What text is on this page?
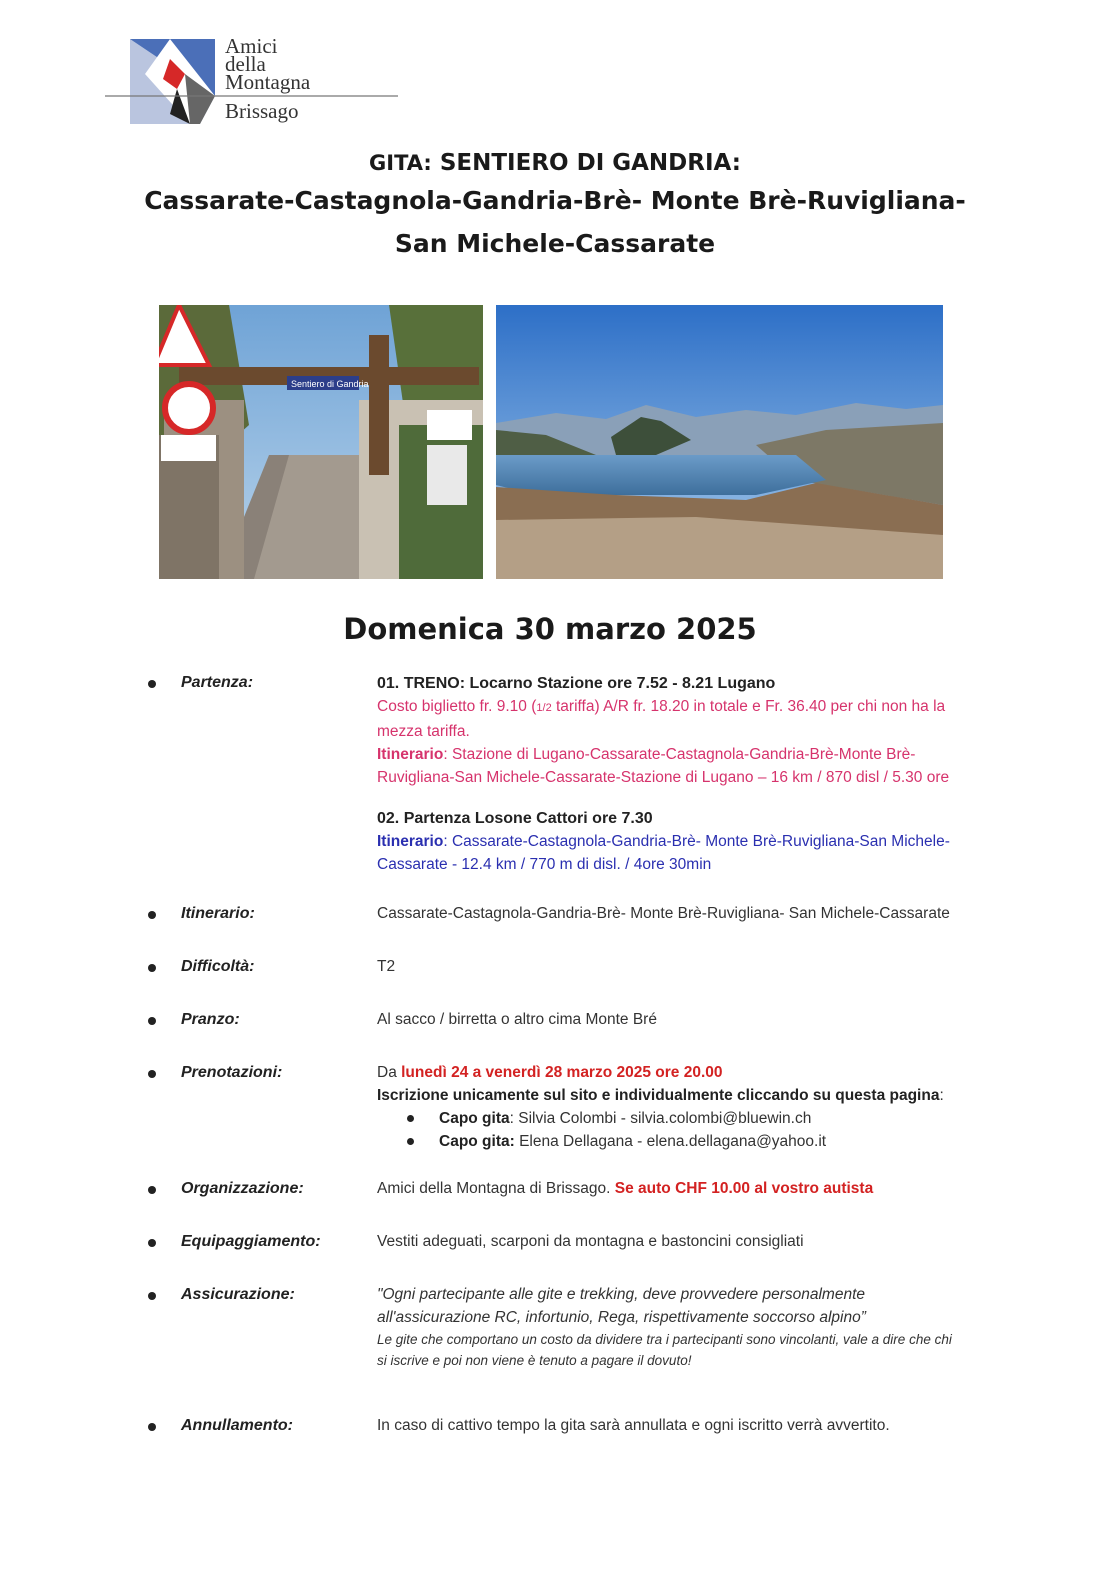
Amici
della
Montagna
Brissago
GITA: SENTIERO DI GANDRIA:
Cassarate-Castagnola-Gandria-Brè- Monte Brè-Ruvigliana-
San Michele-Cassarate
Sentiero di Gandria
Domenica 30 marzo 2025
Partenza:	01. TRENO: Locarno Stazione ore 7.52 - 8.21 Lugano
Costo biglietto fr. 9.10 (1/2 tariffa) A/R fr. 18.20 in totale e Fr. 36.40 per chi non ha la
mezza tariffa.
Itinerario: Stazione di Lugano-Cassarate-Castagnola-Gandria-Brè-Monte Brè-
Ruvigliana-San Michele-Cassarate-Stazione di Lugano – 16 km / 870 disl / 5.30 ore
02. Partenza Losone Cattori ore 7.30
Itinerario: Cassarate-Castagnola-Gandria-Brè- Monte Brè-Ruvigliana-San Michele-
Cassarate - 12.4 km / 770 m di disl. / 4ore 30min
Itinerario:	Cassarate-Castagnola-Gandria-Brè- Monte Brè-Ruvigliana- San Michele-Cassarate
Difficoltà:	T2
Pranzo:	Al sacco / birretta o altro cima Monte Bré
Prenotazioni:	Da lunedì 24 a venerdì 28 marzo 2025 ore 20.00
Iscrizione unicamente sul sito e individualmente cliccando su questa pagina:
Capo gita: Silvia Colombi - silvia.colombi@bluewin.ch
Capo gita: Elena Dellagana - elena.dellagana@yahoo.it
Organizzazione:	Amici della Montagna di Brissago. Se auto CHF 10.00 al vostro autista
Equipaggiamento:	Vestiti adeguati, scarponi da montagna e bastoncini consigliati
Assicurazione:	"Ogni partecipante alle gite e trekking, deve provvedere personalmente
all'assicurazione RC, infortunio, Rega, rispettivamente soccorso alpino”
Le gite che comportano un costo da dividere tra i partecipanti sono vincolanti, vale a dire che chi
si iscrive e poi non viene è tenuto a pagare il dovuto!
Annullamento:	In caso di cattivo tempo la gita sarà annullata e ogni iscritto verrà avvertito.
